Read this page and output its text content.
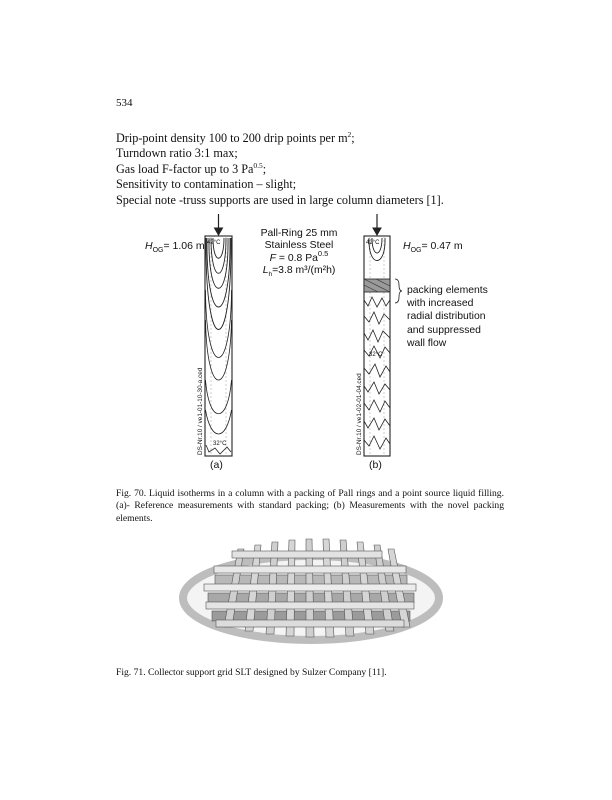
534
Drip-point density 100 to 200 drip points per $m^2$;
Turndown ratio 3:1 max;
Gas load F-factor up to 3 $Pa^{0.5}$;
Sensitivity to contamination – slight;
Special note -truss supports are used in large column diameters [1].
$H_{OG}= 1.06$ m	$H_{OG}= 0.47$ m
Pall-Ring 25 mm
Stainless Steel
F = 0.8 $Pa^{0.5}$
$L_h=3.8$ m³/(m²h)
42°C
32°C
42°C
32°C
DS-Nr.10 / ve1-01-10-30-a.ced	DS-Nr.10 / ve1-02-01-04.ced
(a)	(b)
packing elements
with increased
radial distribution
and suppressed
wall flow
Fig. 70. Liquid isotherms in a column with a packing of Pall rings and a point source liquid filling. (a)- Reference measurements with standard packing; (b) Measurements with the novel packing elements.
Fig. 71. Collector support grid SLT designed by Sulzer Company [11].
